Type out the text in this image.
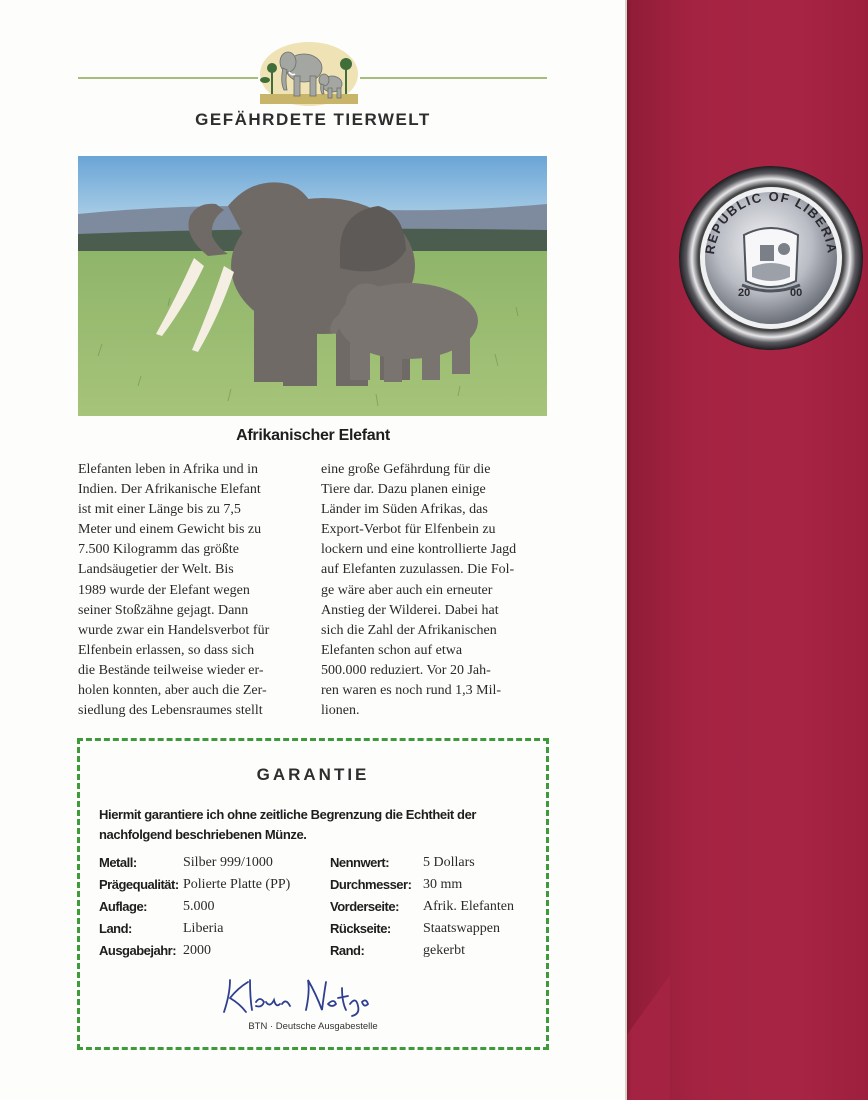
GEFÄHRDETE TIERWELT
Afrikanischer Elefant

Elefanten leben in Afrika und in

Indien. Der Afrikanische Elefant

ist mit einer Länge bis zu 7,5

Meter und einem Gewicht bis zu

7.500 Kilogramm das größte

Landsäugetier der Welt. Bis

1989 wurde der Elefant wegen

seiner Stoßzähne gejagt. Dann

wurde zwar ein Handelsverbot für

Elfenbein erlassen, so dass sich

die Bestände teilweise wieder er-

holen konnten, aber auch die Zer-

siedlung des Lebensraumes stellt

eine große Gefährdung für die

Tiere dar. Dazu planen einige

Länder im Süden Afrikas, das

Export-Verbot für Elfenbein zu

lockern und eine kontrollierte Jagd

auf Elefanten zuzulassen. Die Fol-

ge wäre aber auch ein erneuter

Anstieg der Wilderei. Dabei hat

sich die Zahl der Afrikanischen

Elefanten schon auf etwa

500.000 reduziert. Vor 20 Jah-

ren waren es noch rund 1,3 Mil-

lionen.

GARANTIE
Hiermit garantiere ich ohne zeitliche Begrenzung die Echtheit der nachfolgend beschriebenen Münze.
Metall:	Silber 999/1000	Nennwert: 5 Dollars
Prägequalität: Polierte Platte (PP)	Durchmesser: 30 mm
Auflage:	5.000	Vorderseite: Afrik. Elefanten
Land:	Liberia	Rückseite: Staatswappen
Ausgabejahr: 2000	Rand:	gekerbt
BTN · Deutsche Ausgabestelle
REPUBLIC OF LIBERIA
20	00
